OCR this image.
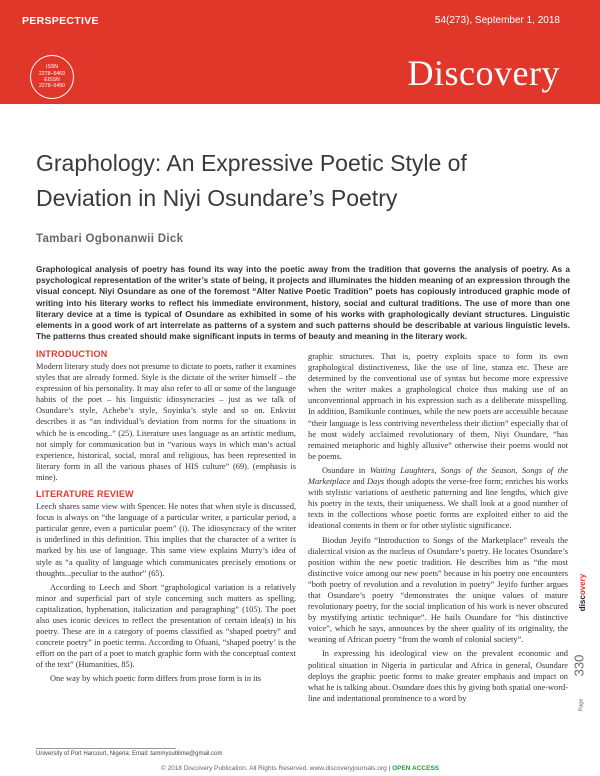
PERSPECTIVE	54(273), September 1, 2018
ISSN
2278–5469
EISSN
2278–5450	Discovery
Graphology: An Expressive Poetic Style of
Deviation in Niyi Osundare’s Poetry
Tambari Ogbonanwii Dick

Graphological analysis of poetry has found its way into the poetic away from the tradition that governs the analysis of poetry. As a psychological representation of the writer’s state of being, it projects and illuminates the hidden meaning of an expression through the visual concept. Niyi Osundare as one of the foremost “Alter Native Poetic Tradition” poets has copiously introduced graphic mode of writing into his literary works to reflect his immediate environment, history, social and cultural traditions. The use of more than one literary device at a time is typical of Osundare as exhibited in some of his works with graphologically deviant structures. Linguistic elements in a good work of art interrelate as patterns of a system and such patterns should be describable at various linguistic levels. The patterns thus created should make significant inputs in terms of beauty and meaning in the literary work.

INTRODUCTION

Modern literary study does not presume to dictate to poets, rather it examines styles that are already formed. Style is the dictate of the writer himself – the expression of his personality. It may also refer to all or some of the language habits of the poet – his linguistic idiosyncracies – just as we talk of Osundare’s style, Achebe’s style, Soyinka’s style and so on. Enkvist describes it as “an individual’s deviation from norms for the situations in which he is encoding..” (25). Literature uses language as an artistic medium, not simply for communication but in “various ways in which man’s actual experience, historical, social, moral and religious, has been represented in literary form in all the various phases of HIS culture” (69). (emphasis is mine).

LITERATURE REVIEW

Leech shares same view with Spencer. He notes that when style is discussed, focus is always on “the language of a particular writer, a particular period, a particular genre, even a particular poem” (i). The idiosyncracy of the writer is underlined in this definition. This implies that the character of a writer is marked by his use of language. This same view explains Murry’s idea of style as “a quality of language which communicates precisely emotions or thoughts...peculiar to the author” (65).

According to Leech and Short “graphological variation is a relatively minor and superficial part of style concerning such matters as spelling, capitalization, hyphenation, italicization and paragraphing” (105). The poet also uses iconic devices to reflect the presentation of certain idea(s) in his poetry. These are in a category of poems classified as “shaped poetry” and concrete poetry” in poetic terms. According to Ofuani, “shaped poetry’ is the effort on the part of a poet to match graphic form with the conceptual context of the text” (Humanities, 85).

One way by which poetic form differs from prose form is in its

graphic structures. That is, poetry exploits space to form its own graphological distinctiveness, like the use of line, stanza etc. These are determined by the conventional use of syntax but become more expressive when the writer makes a graphological choice thus making use of an unconventional approach in his expression such as a deliberate misspelling. In addition, Bamikunle continues, while the new poets are accessible because “their language is less contriving nevertheless their diction” especially that of he most widely acclaimed revolutionary of them, Niyi Osundare, “has remained metaphoric and highly allusive” otherwise their poems would not be poems.

Osundare in Waiting Laughters, Songs of the Season, Songs of the Marketplace and Days though adopts the verse-free form; enriches his works with stylistic variations of aesthetic patterning and line lengths, which give his poetry in the texts, their uniqueness. We shall look at a good number of texts in the collections whose poetic forms are exploited either to aid the ideational contents in them or for other stylistic significance.

Biodun Jeyifo “Introduction to Songs of the Marketplace” reveals the dialectical vision as the nucleus of Osundare’s poetry. He locates Osundare’s position within the new poetic tradition. He describes him as “the most distinctive voice among our new poets” because in his poetry one encounters “both poetry of revolution and a revolution in poetry” Jeyifo further argues that Osundare’s poetry “demonstrates the unique values of mature revolutionary poetry, for the social implication of his work is never obscured by mystifying artistic technique”. He hails Osundare for “his distinctive voice”, which he says, announces by the sheer quality of its originality, the weaning of African poetry “from the womb of colonial society”.

In expressing his ideological view on the prevalent economic and political situation in Nigeria in particular and Africa in general, Osundare deploys the graphic poetic forms to make greater emphasis and impact on what he is talking about. Osundare does this by giving both spatial one-word-line and indentational prominence to a word by

discovery
330
Page
University of Port Harcourt, Nigeria; Email: tammysublime@gmail.com
© 2018 Discovery Publication. All Rights Reserved. www.discoveryjournals.org | OPEN ACCESS
